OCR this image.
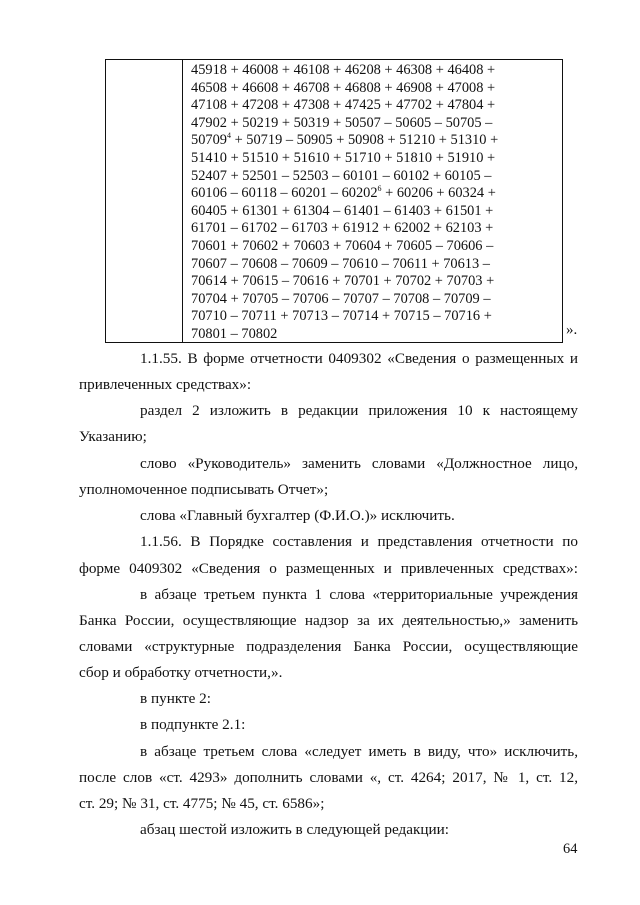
45918 + 46008 + 46108 + 46208 + 46308 + 46408 +
46508 + 46608 + 46708 + 46808 + 46908 + 47008 +
47108 + 47208 + 47308 + 47425 + 47702 + 47804 +
47902 + 50219 + 50319 + 50507 – 50605 – 50705 –
$50709^4 + 50719 - 50905 + 50908 + 51210 + 51310$ +
51410 + 51510 + 51610 + 51710 + 51810 + 51910 +
52407 + 52501 – 52503 – 60101 – 60102 + 60105 –
$60106 - 60118 - 60201 - 60202^6 + 60206 + 60324$ +
60405 + 61301 + 61304 – 61401 – 61403 + 61501 +
61701 – 61702 – 61703 + 61912 + 62002 + 62103 +
70601 + 70602 + 70603 + 70604 + 70605 – 70606 –
70607 – 70608 – 70609 – 70610 – 70611 + 70613 –
70614 + 70615 – 70616 + 70701 + 70702 + 70703 +
70704 + 70705 – 70706 – 70707 – 70708 – 70709 –
70710 – 70711 + 70713 – 70714 + 70715 – 70716 +
70801 – 70802	».
1.1.55. В форме отчетности 0409302 «Сведения о размещенных и
привлеченных средствах»:
раздел 2 изложить в редакции приложения 10 к настоящему
Указанию;
слово «Руководитель» заменить словами «Должностное лицо,
уполномоченное подписывать Отчет»;
слова «Главный бухгалтер (Ф.И.О.)» исключить.
1.1.56. В Порядке составления и представления отчетности по
форме 0409302 «Сведения о размещенных и привлеченных средствах»:
в абзаце третьем пункта 1 слова «территориальные учреждения
Банка России, осуществляющие надзор за их деятельностью,» заменить
словами «структурные подразделения Банка России, осуществляющие
сбор и обработку отчетности,».
в пункте 2:
в подпункте 2.1:
в абзаце третьем слова «следует иметь в виду, что» исключить,
после слов «ст. 4293» дополнить словами «, ст. 4264; 2017, № 1, ст. 12,
ст. 29; № 31, ст. 4775; № 45, ст. 6586»;
абзац шестой изложить в следующей редакции:
64
